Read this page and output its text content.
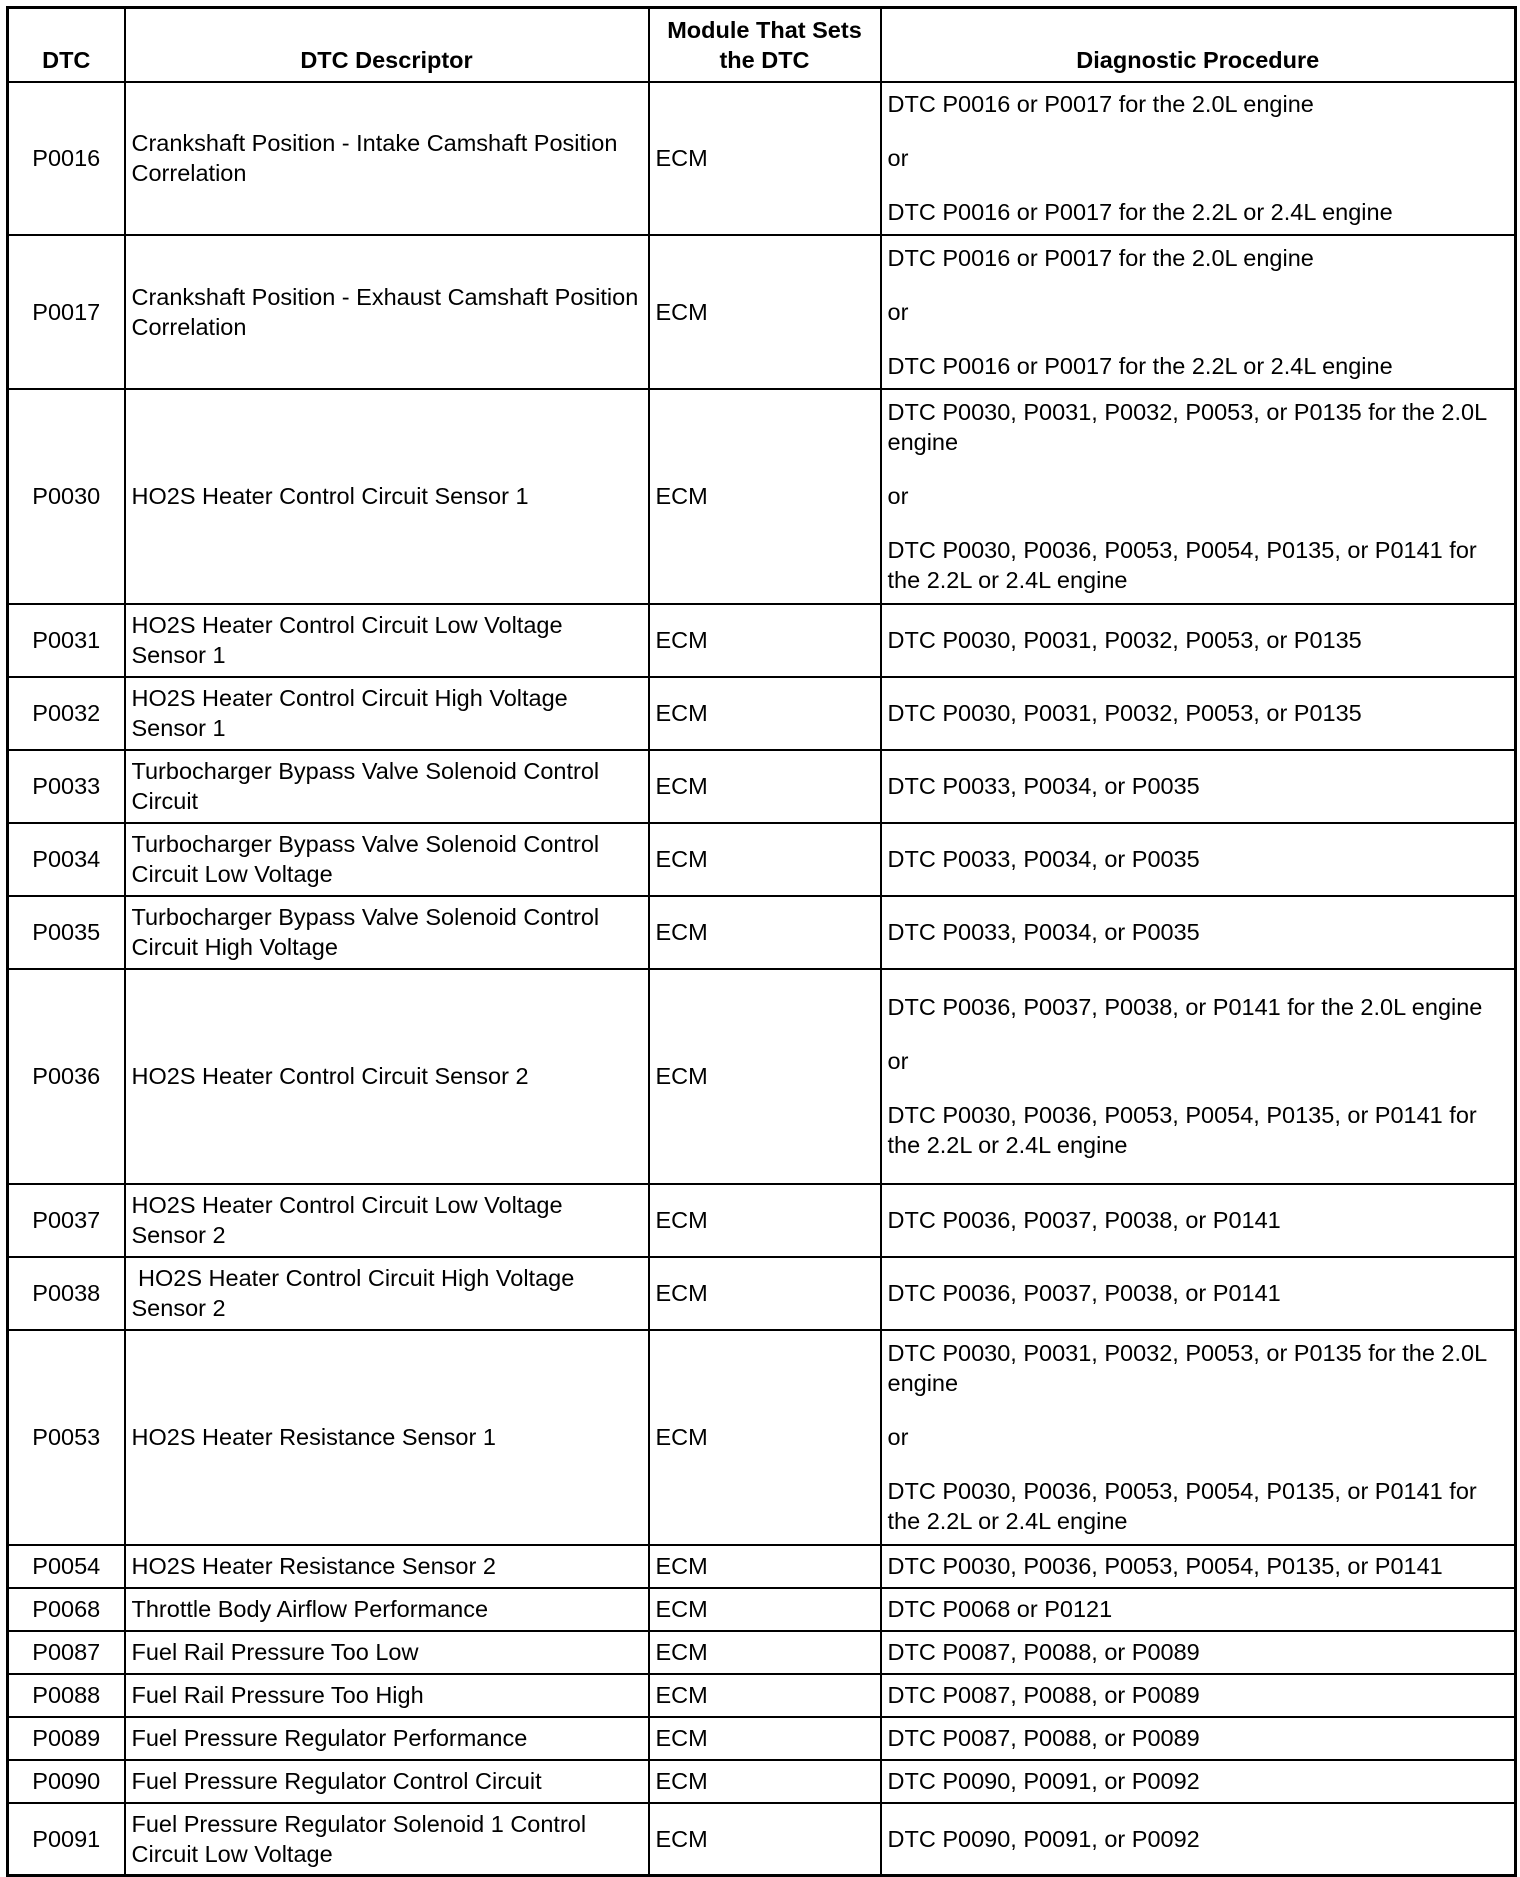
DTC	DTC Descriptor	Module That Sets the DTC	Diagnostic Procedure
P0016	Crankshaft Position - Intake Camshaft Position Correlation	ECM	DTC P0016 or P0017 for the 2.0L engine
or
DTC P0016 or P0017 for the 2.2L or 2.4L engine

P0017	Crankshaft Position - Exhaust Camshaft Position Correlation	ECM	DTC P0016 or P0017 for the 2.0L engine
or
DTC P0016 or P0017 for the 2.2L or 2.4L engine

P0030	HO2S Heater Control Circuit Sensor 1	ECM	DTC P0030, P0031, P0032, P0053, or P0135 for the 2.0L engine
or
DTC P0030, P0036, P0053, P0054, P0135, or P0141 for the 2.2L or 2.4L engine

P0031	HO2S Heater Control Circuit Low Voltage Sensor 1	ECM	DTC P0030, P0031, P0032, P0053, or P0135

P0032	HO2S Heater Control Circuit High Voltage Sensor 1	ECM	DTC P0030, P0031, P0032, P0053, or P0135

P0033	Turbocharger Bypass Valve Solenoid Control Circuit	ECM	DTC P0033, P0034, or P0035

P0034	Turbocharger Bypass Valve Solenoid Control Circuit Low Voltage	ECM	DTC P0033, P0034, or P0035

P0035	Turbocharger Bypass Valve Solenoid Control Circuit High Voltage	ECM	DTC P0033, P0034, or P0035

P0036	HO2S Heater Control Circuit Sensor 2	ECM	DTC P0036, P0037, P0038, or P0141 for the 2.0L engine
or
DTC P0030, P0036, P0053, P0054, P0135, or P0141 for the 2.2L or 2.4L engine

P0037	HO2S Heater Control Circuit Low Voltage Sensor 2	ECM	DTC P0036, P0037, P0038, or P0141

P0038	HO2S Heater Control Circuit High Voltage Sensor 2	ECM	DTC P0036, P0037, P0038, or P0141

P0053	HO2S Heater Resistance Sensor 1	ECM	DTC P0030, P0031, P0032, P0053, or P0135 for the 2.0L engine
or
DTC P0030, P0036, P0053, P0054, P0135, or P0141 for the 2.2L or 2.4L engine

P0054	HO2S Heater Resistance Sensor 2	ECM	DTC P0030, P0036, P0053, P0054, P0135, or P0141

P0068	Throttle Body Airflow Performance	ECM	DTC P0068 or P0121

P0087	Fuel Rail Pressure Too Low	ECM	DTC P0087, P0088, or P0089

P0088	Fuel Rail Pressure Too High	ECM	DTC P0087, P0088, or P0089

P0089	Fuel Pressure Regulator Performance	ECM	DTC P0087, P0088, or P0089

P0090	Fuel Pressure Regulator Control Circuit	ECM	DTC P0090, P0091, or P0092

P0091	Fuel Pressure Regulator Solenoid 1 Control Circuit Low Voltage	ECM	DTC P0090, P0091, or P0092
